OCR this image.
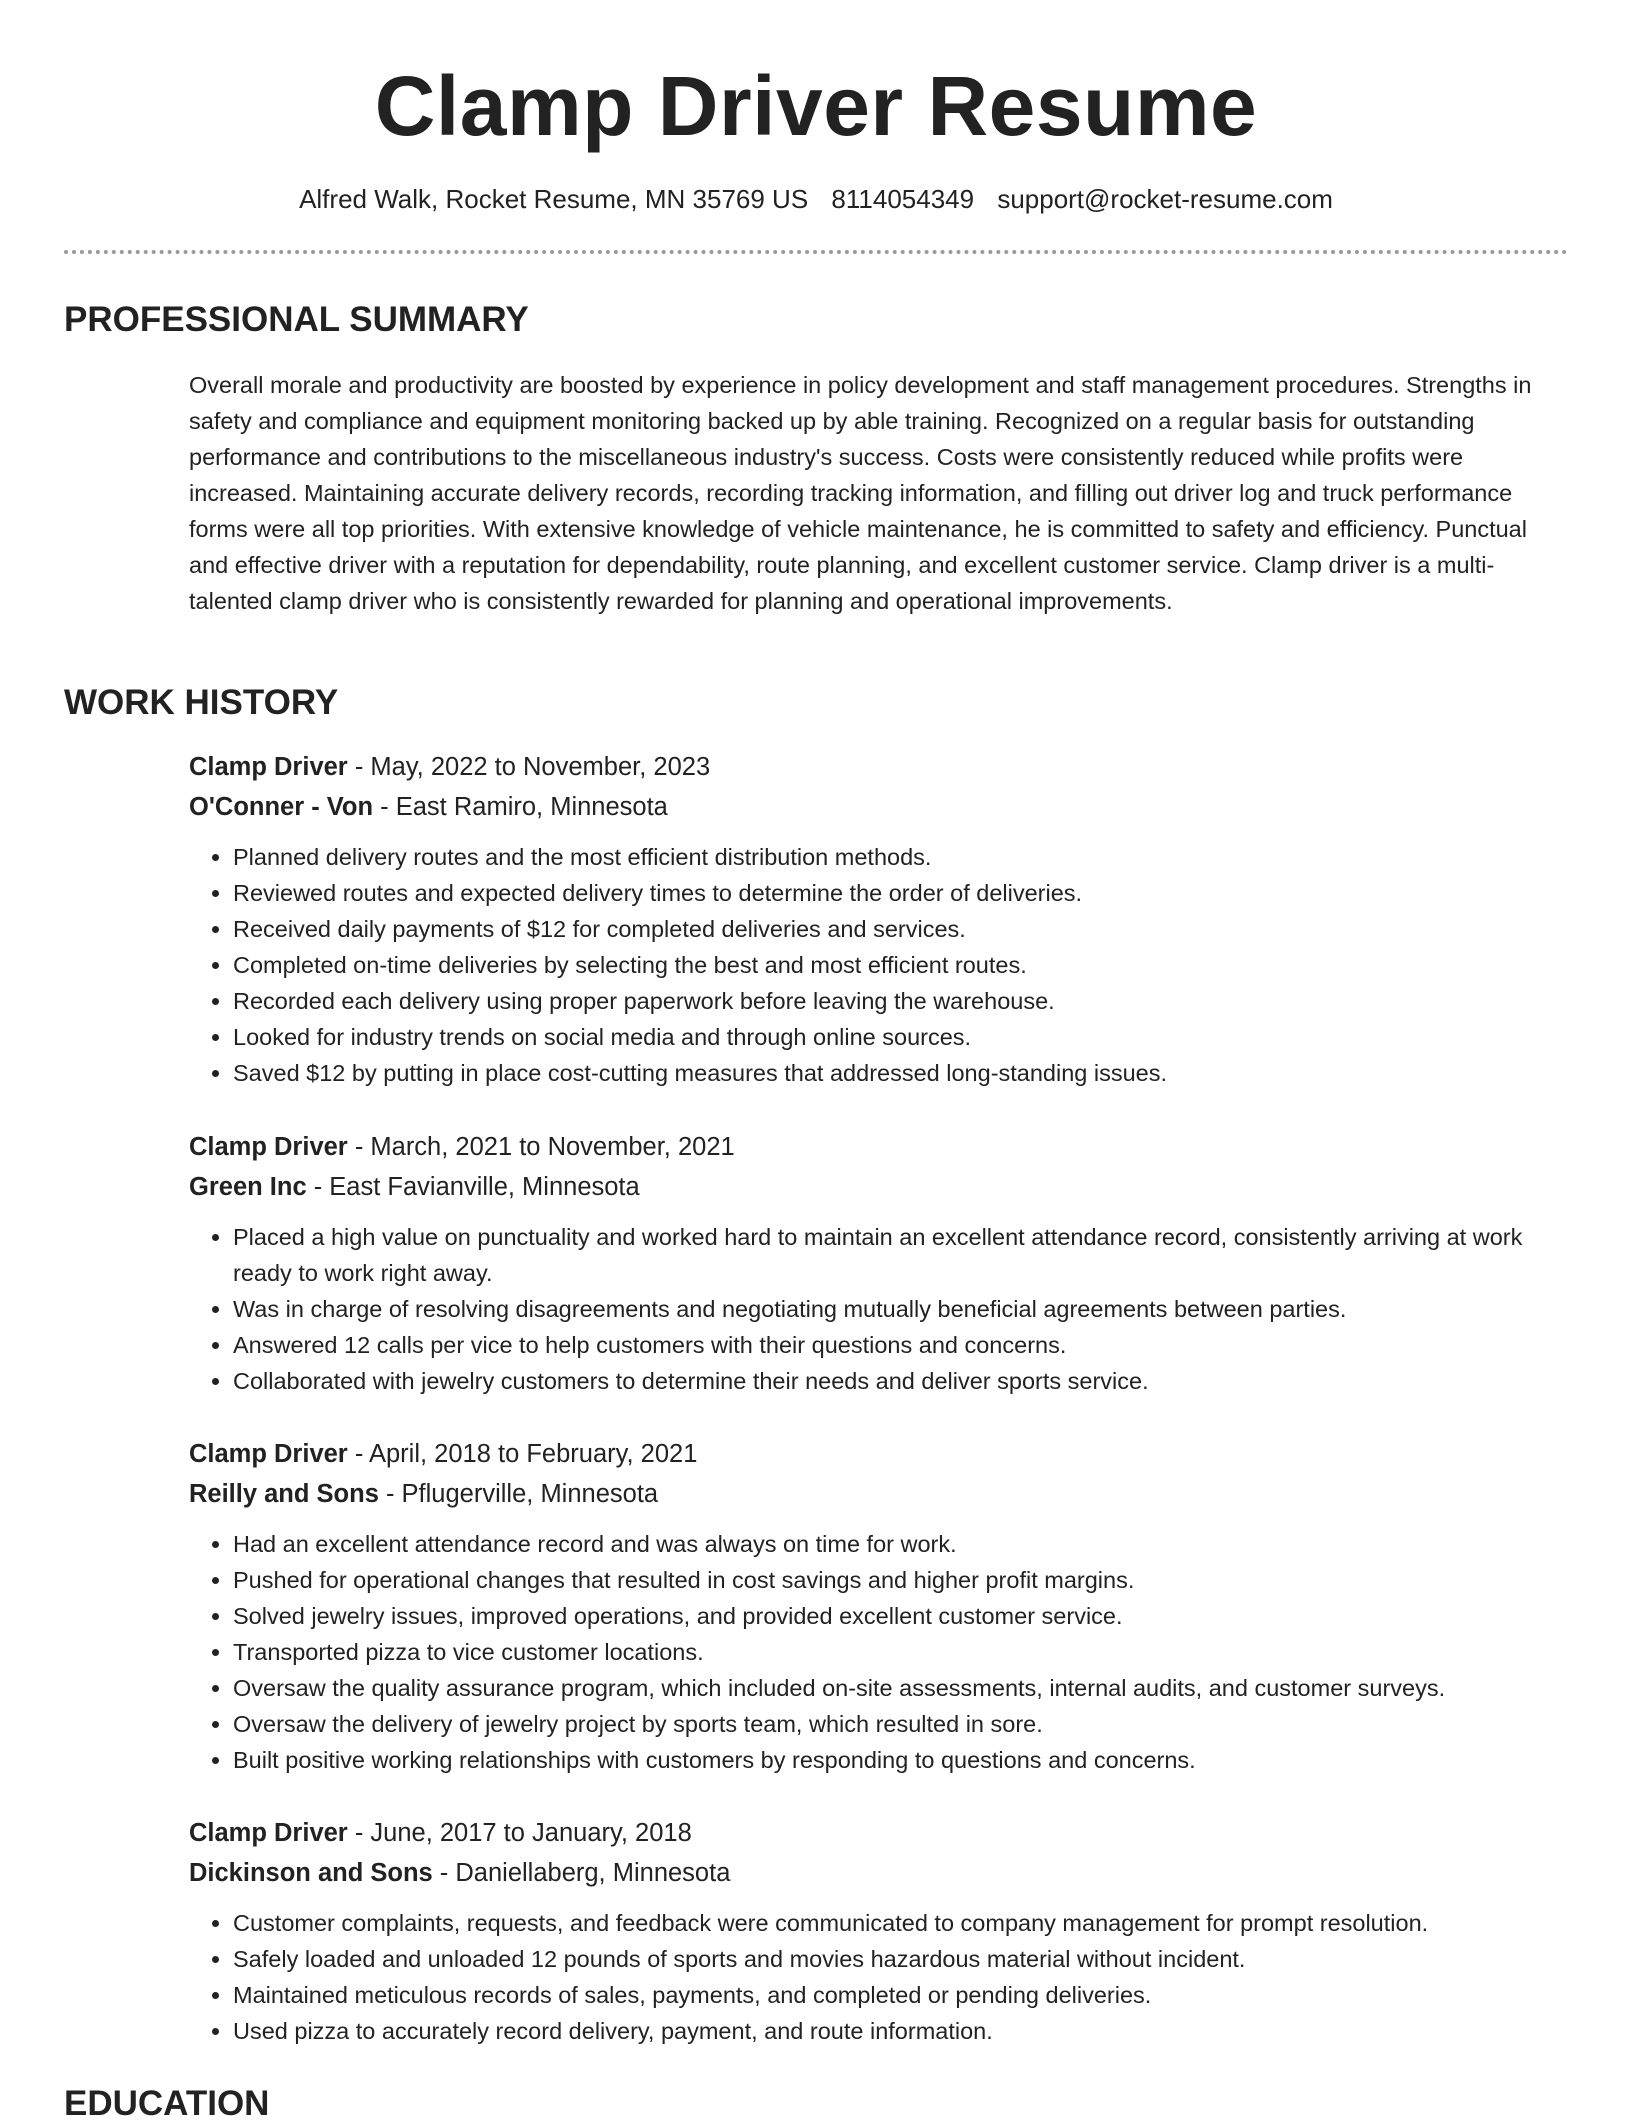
Clamp Driver Resume
Alfred Walk, Rocket Resume, MN 35769 US 8114054349 support@rocket-resume.com
PROFESSIONAL SUMMARY
Overall morale and productivity are boosted by experience in policy development and staff management procedures. Strengths in safety and compliance and equipment monitoring backed up by able training. Recognized on a regular basis for outstanding performance and contributions to the miscellaneous industry's success. Costs were consistently reduced while profits were increased. Maintaining accurate delivery records, recording tracking information, and filling out driver log and truck performance forms were all top priorities. With extensive knowledge of vehicle maintenance, he is committed to safety and efficiency. Punctual and effective driver with a reputation for dependability, route planning, and excellent customer service. Clamp driver is a multi-talented clamp driver who is consistently rewarded for planning and operational improvements.
WORK HISTORY
Clamp Driver - May, 2022 to November, 2023
O'Conner - Von - East Ramiro, Minnesota
• Planned delivery routes and the most efficient distribution methods.
• Reviewed routes and expected delivery times to determine the order of deliveries.
• Received daily payments of $12 for completed deliveries and services.
• Completed on-time deliveries by selecting the best and most efficient routes.
• Recorded each delivery using proper paperwork before leaving the warehouse.
• Looked for industry trends on social media and through online sources.
• Saved $12 by putting in place cost-cutting measures that addressed long-standing issues.
Clamp Driver - March, 2021 to November, 2021
Green Inc - East Favianville, Minnesota
• Placed a high value on punctuality and worked hard to maintain an excellent attendance record, consistently arriving at work ready to work right away.
• Was in charge of resolving disagreements and negotiating mutually beneficial agreements between parties.
• Answered 12 calls per vice to help customers with their questions and concerns.
• Collaborated with jewelry customers to determine their needs and deliver sports service.
Clamp Driver - April, 2018 to February, 2021
Reilly and Sons - Pflugerville, Minnesota
• Had an excellent attendance record and was always on time for work.
• Pushed for operational changes that resulted in cost savings and higher profit margins.
• Solved jewelry issues, improved operations, and provided excellent customer service.
• Transported pizza to vice customer locations.
• Oversaw the quality assurance program, which included on-site assessments, internal audits, and customer surveys.
• Oversaw the delivery of jewelry project by sports team, which resulted in sore.
• Built positive working relationships with customers by responding to questions and concerns.
Clamp Driver - June, 2017 to January, 2018
Dickinson and Sons - Daniellaberg, Minnesota
• Customer complaints, requests, and feedback were communicated to company management for prompt resolution.
• Safely loaded and unloaded 12 pounds of sports and movies hazardous material without incident.
• Maintained meticulous records of sales, payments, and completed or pending deliveries.
• Used pizza to accurately record delivery, payment, and route information.
EDUCATION
